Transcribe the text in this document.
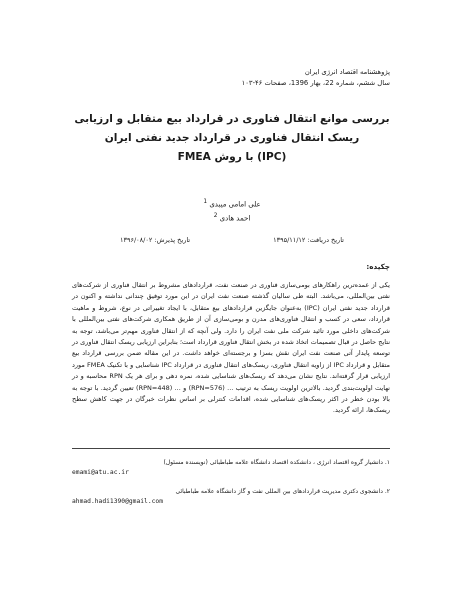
پژوهشنامه اقتصاد انرژی ایران
سال ششم، شماره 22، بهار 1396، صفحات ۴۶-۱۰۳
بررسی موانع انتقال فناوری در قرارداد بیع متقابل و ارزیابی
ریسک انتقال فناوری در قرارداد جدید نفتی ایران
(IPC) با روش FMEA
علی امامی میبدی $^1$
احمد هادی $^2$
تاریخ دریافت: ۱۳۹۵/۱۱/۱۲
تاریخ پذیرش: ۱۳۹۶/۰۸/۰۲
چکیده:
یکی از عمده‌ترین راهکارهای بومی‌سازی فناوری در صنعت نفت، قراردادهای مشروط بر انتقال فناوری از شرکت‌های نفتی بین‌المللی، می‌باشد. البته طی سالیان گذشته صنعت نفت ایران در این مورد توفیق چندانی نداشته و اکنون در قرارداد جدید نفتی ایران (IPC) به‌عنوان جایگزین قراردادهای بیع متقابل، با ایجاد تغییراتی در نوع، شروط و ماهیت قرارداد، سعی در کسب و انتقال فناوری‌های مدرن و بومی‌سازی آن از طریق همکاری شرکت‌های نفتی بین‌المللی با شرکت‌های داخلی مورد تائید شرکت ملی نفت ایران را دارد. ولی آنچه که از انتقال فناوری مهم‌تر می‌باشد، توجه به نتایج حاصل در قبال تصمیمات اتخاذ شده در بخش انتقال فناوری قرارداد است؛ بنابراین ارزیابی ریسک انتقال فناوری در توسعه پایدار آتی صنعت نفت ایران نقش بسزا و برجسته‌ای خواهد داشت. در این مقاله ضمن بررسی قرارداد بیع متقابل و قرارداد IPC از زاویه انتقال فناوری، ریسک‌های انتقال فناوری در قرارداد IPC شناسایی و با تکنیک FMEA مورد ارزیابی قرار گرفته‌اند. نتایج نشان می‌دهد که ریسک‌های شناسایی شده، نمره دهی و برای هر یک RPN محاسبه و در نهایت اولویت‌بندی گردید. بالاترین اولویت ریسک به ترتیب ... (RPN=576) و ... (RPN=448) تعیین گردید. با توجه به بالا بودن خطر در اکثر ریسک‌های شناسایی شده، اقدامات کنترلی بر اساس نظرات خبرگان در جهت کاهش سطح ریسک‌ها، ارائه گردید.
۱. دانشیار گروه اقتصاد انرژی ، دانشکده اقتصاد دانشگاه علامه طباطبائی (نویسنده مسئول)
emami@atu.ac.ir
۲. دانشجوی دکتری مدیریت قراردادهای بین المللی نفت و گاز دانشگاه علامه طباطبائی
ahmad.hadi1390@gmail.com
